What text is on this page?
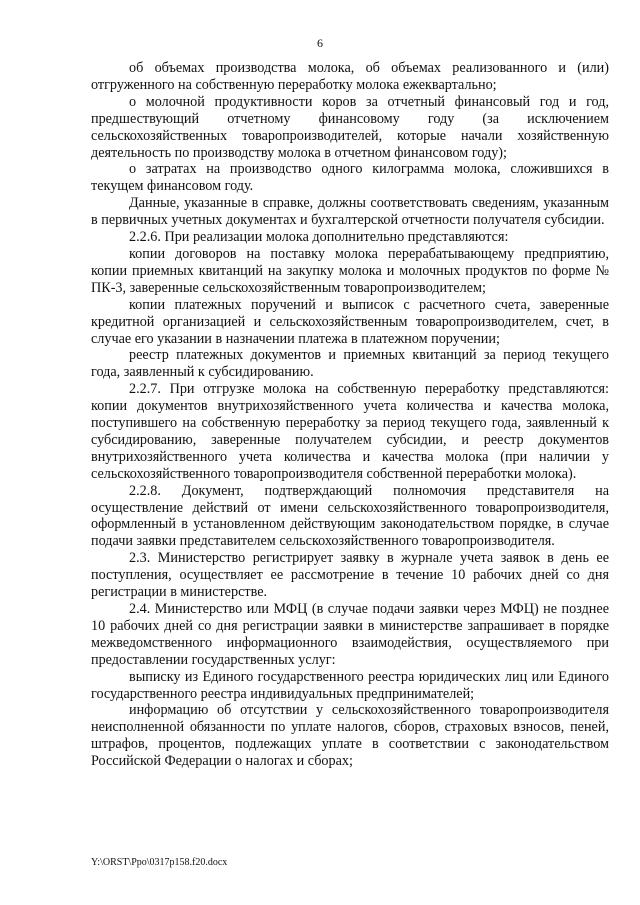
6

об объемах производства молока, об объемах реализованного и (или) отгруженного на собственную переработку молока ежеквартально;

о молочной продуктивности коров за отчетный финансовый год и год, предшествующий отчетному финансовому году (за исключением сельскохозяйственных товаропроизводителей, которые начали хозяйственную деятельность по производству молока в отчетном финансовом году);

о затратах на производство одного килограмма молока, сложившихся в текущем финансовом году.

Данные, указанные в справке, должны соответствовать сведениям, указанным в первичных учетных документах и бухгалтерской отчетности получателя субсидии.

2.2.6. При реализации молока дополнительно представляются:

копии договоров на поставку молока перерабатывающему предприятию, копии приемных квитанций на закупку молока и молочных продуктов по форме № ПК-3, заверенные сельскохозяйственным товаропроизводителем;

копии платежных поручений и выписок с расчетного счета, заверенные кредитной организацией и сельскохозяйственным товаропроизводителем, счет, в случае его указании в назначении платежа в платежном поручении;

реестр платежных документов и приемных квитанций за период текущего года, заявленный к субсидированию.

2.2.7. При отгрузке молока на собственную переработку представляются: копии документов внутрихозяйственного учета количества и качества молока, поступившего на собственную переработку за период текущего года, заявленный к субсидированию, заверенные получателем субсидии, и реестр документов внутрихозяйственного учета количества и качества молока (при наличии у сельскохозяйственного товаропроизводителя собственной переработки молока).

2.2.8. Документ, подтверждающий полномочия представителя на осуществление действий от имени сельскохозяйственного товаропроизводителя, оформленный в установленном действующим законодательством порядке, в случае подачи заявки представителем сельскохозяйственного товаропроизводителя.

2.3. Министерство регистрирует заявку в журнале учета заявок в день ее поступления, осуществляет ее рассмотрение в течение 10 рабочих дней со дня регистрации в министерстве.

2.4. Министерство или МФЦ (в случае подачи заявки через МФЦ) не позднее 10 рабочих дней со дня регистрации заявки в министерстве запрашивает в порядке межведомственного информационного взаимодействия, осуществляемого при предоставлении государственных услуг:

выписку из Единого государственного реестра юридических лиц или Единого государственного реестра индивидуальных предпринимателей;

информацию об отсутствии у сельскохозяйственного товаропроизводителя неисполненной обязанности по уплате налогов, сборов, страховых взносов, пеней, штрафов, процентов, подлежащих уплате в соответствии с законодательством Российской Федерации о налогах и сборах;

Y:\ORST\Ppo\0317p158.f20.docx
